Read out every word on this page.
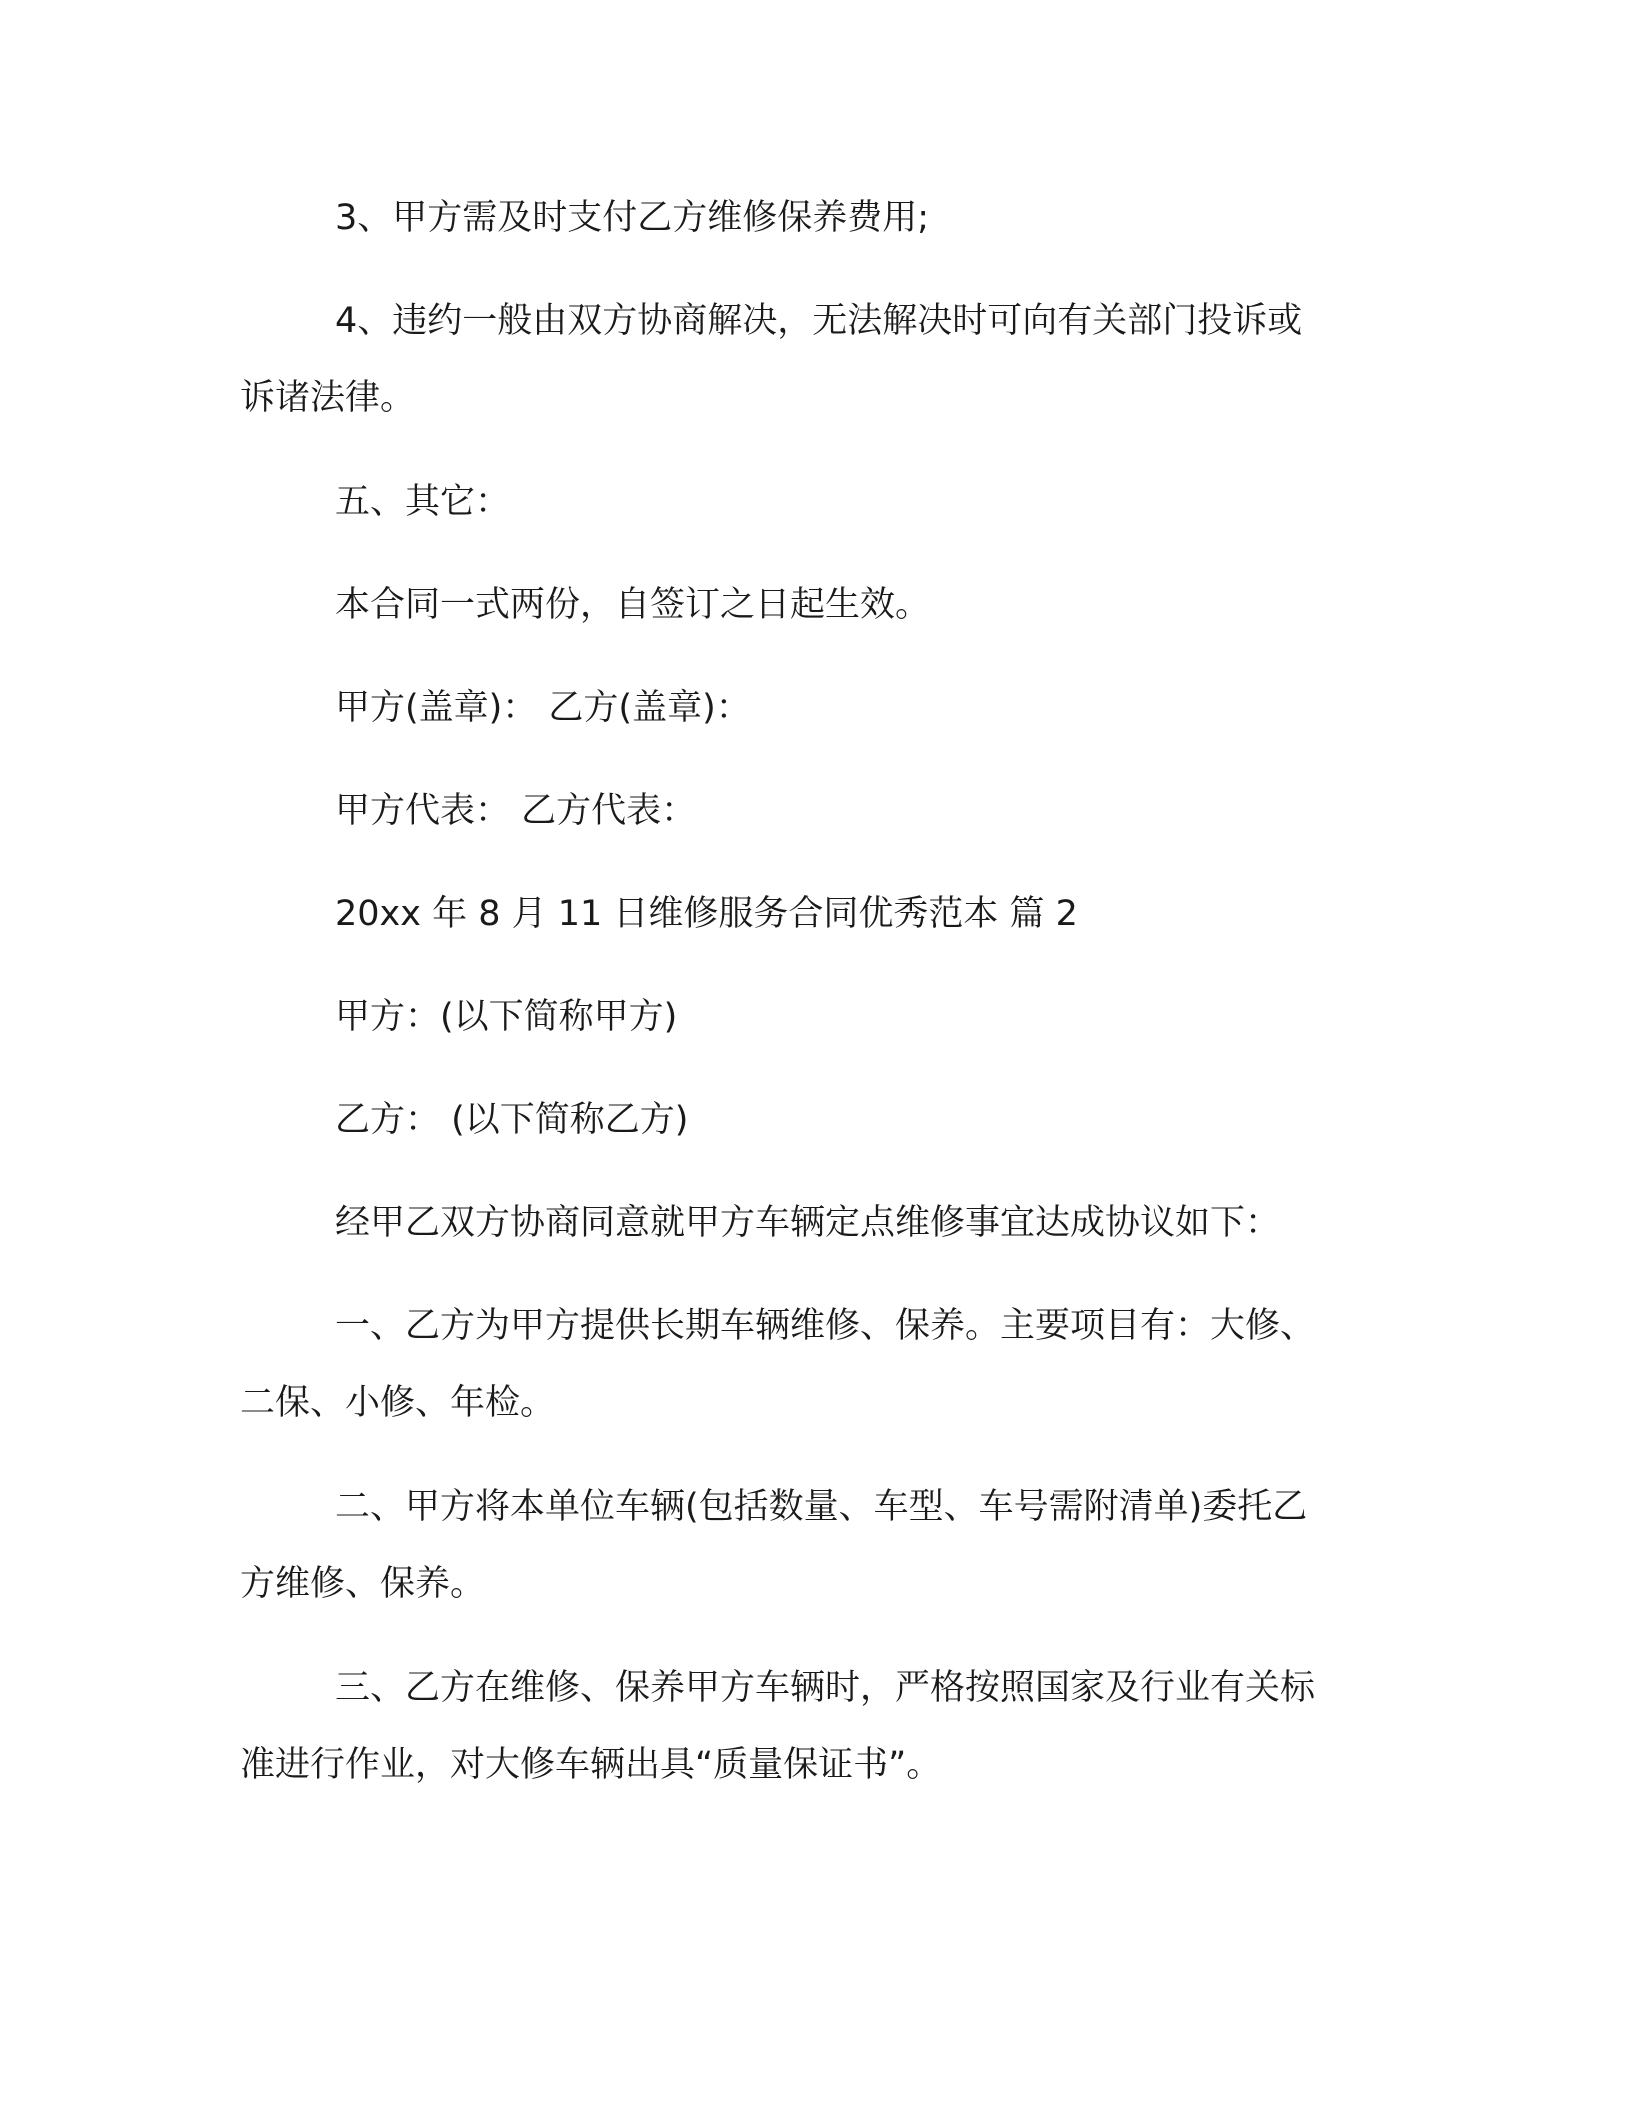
3、甲方需及时支付乙方维修保养费用;

4、违约一般由双方协商解决，无法解决时可向有关部门投诉或
诉诸法律。

五、其它：

本合同一式两份，自签订之日起生效。

甲方(盖章)： 乙方(盖章)：

甲方代表： 乙方代表：

20xx 年 8 月 11 日维修服务合同优秀范本 篇 2

甲方：(以下简称甲方)

乙方： (以下简称乙方)

经甲乙双方协商同意就甲方车辆定点维修事宜达成协议如下：

一、乙方为甲方提供长期车辆维修、保养。主要项目有：大修、
二保、小修、年检。

二、甲方将本单位车辆(包括数量、车型、车号需附清单)委托乙
方维修、保养。

三、乙方在维修、保养甲方车辆时，严格按照国家及行业有关标
准进行作业，对大修车辆出具“质量保证书”。
